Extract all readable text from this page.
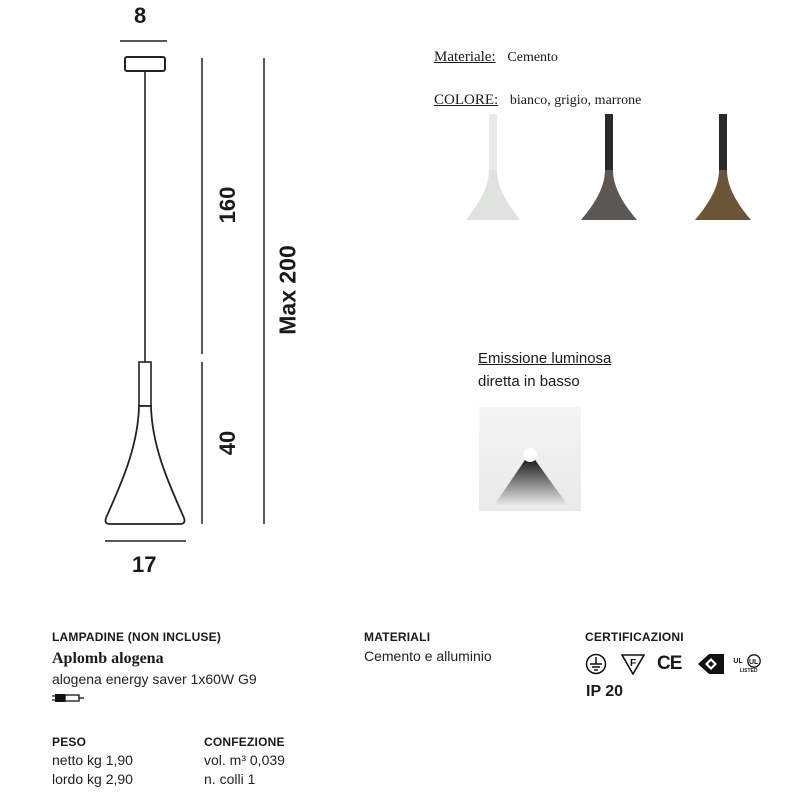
8
160
40
Max 200
17
Materiale: Cemento
COLORE: bianco, grigio, marrone
Emissione luminosa
diretta in basso
LAMPADINE (NON INCLUSE)
Aplomb alogena
alogena energy saver 1x60W G9
MATERIALI
Cemento e alluminio
CERTIFICAZIONI
F CE	UL UL
LISTED
IP 20
PESO
netto kg 1,90
lordo kg 2,90
CONFEZIONE
vol. m³ 0,039
n. colli 1
